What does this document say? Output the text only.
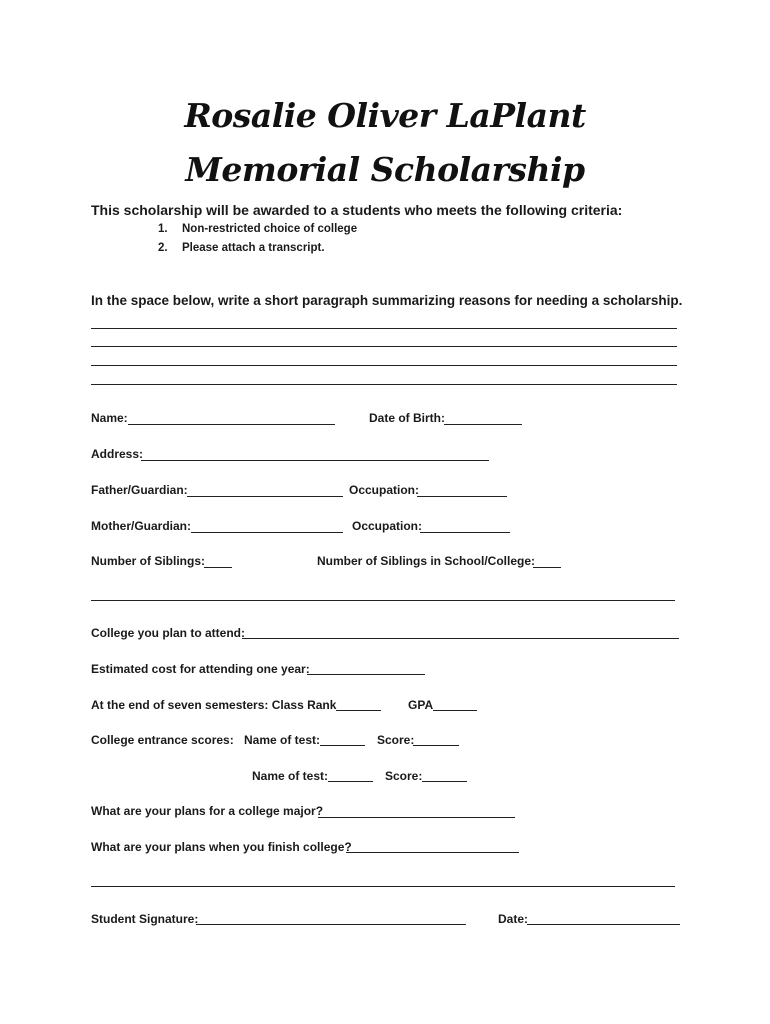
Rosalie Oliver LaPlant
Memorial Scholarship
This scholarship will be awarded to a students who meets the following criteria:
1. Non-restricted choice of college
2. Please attach a transcript.
In the space below, write a short paragraph summarizing reasons for needing a scholarship.
Name:	Date of Birth:
Address:
Father/Guardian:	Occupation:
Mother/Guardian:	Occupation:
Number of Siblings:	Number of Siblings in School/College:
College you plan to attend:
Estimated cost for attending one year:
At the end of seven semesters: Class Rank	GPA
College entrance scores: Name of test:	Score:
Name of test:	Score:
What are your plans for a college major?
What are your plans when you finish college?
Student Signature:	Date:
